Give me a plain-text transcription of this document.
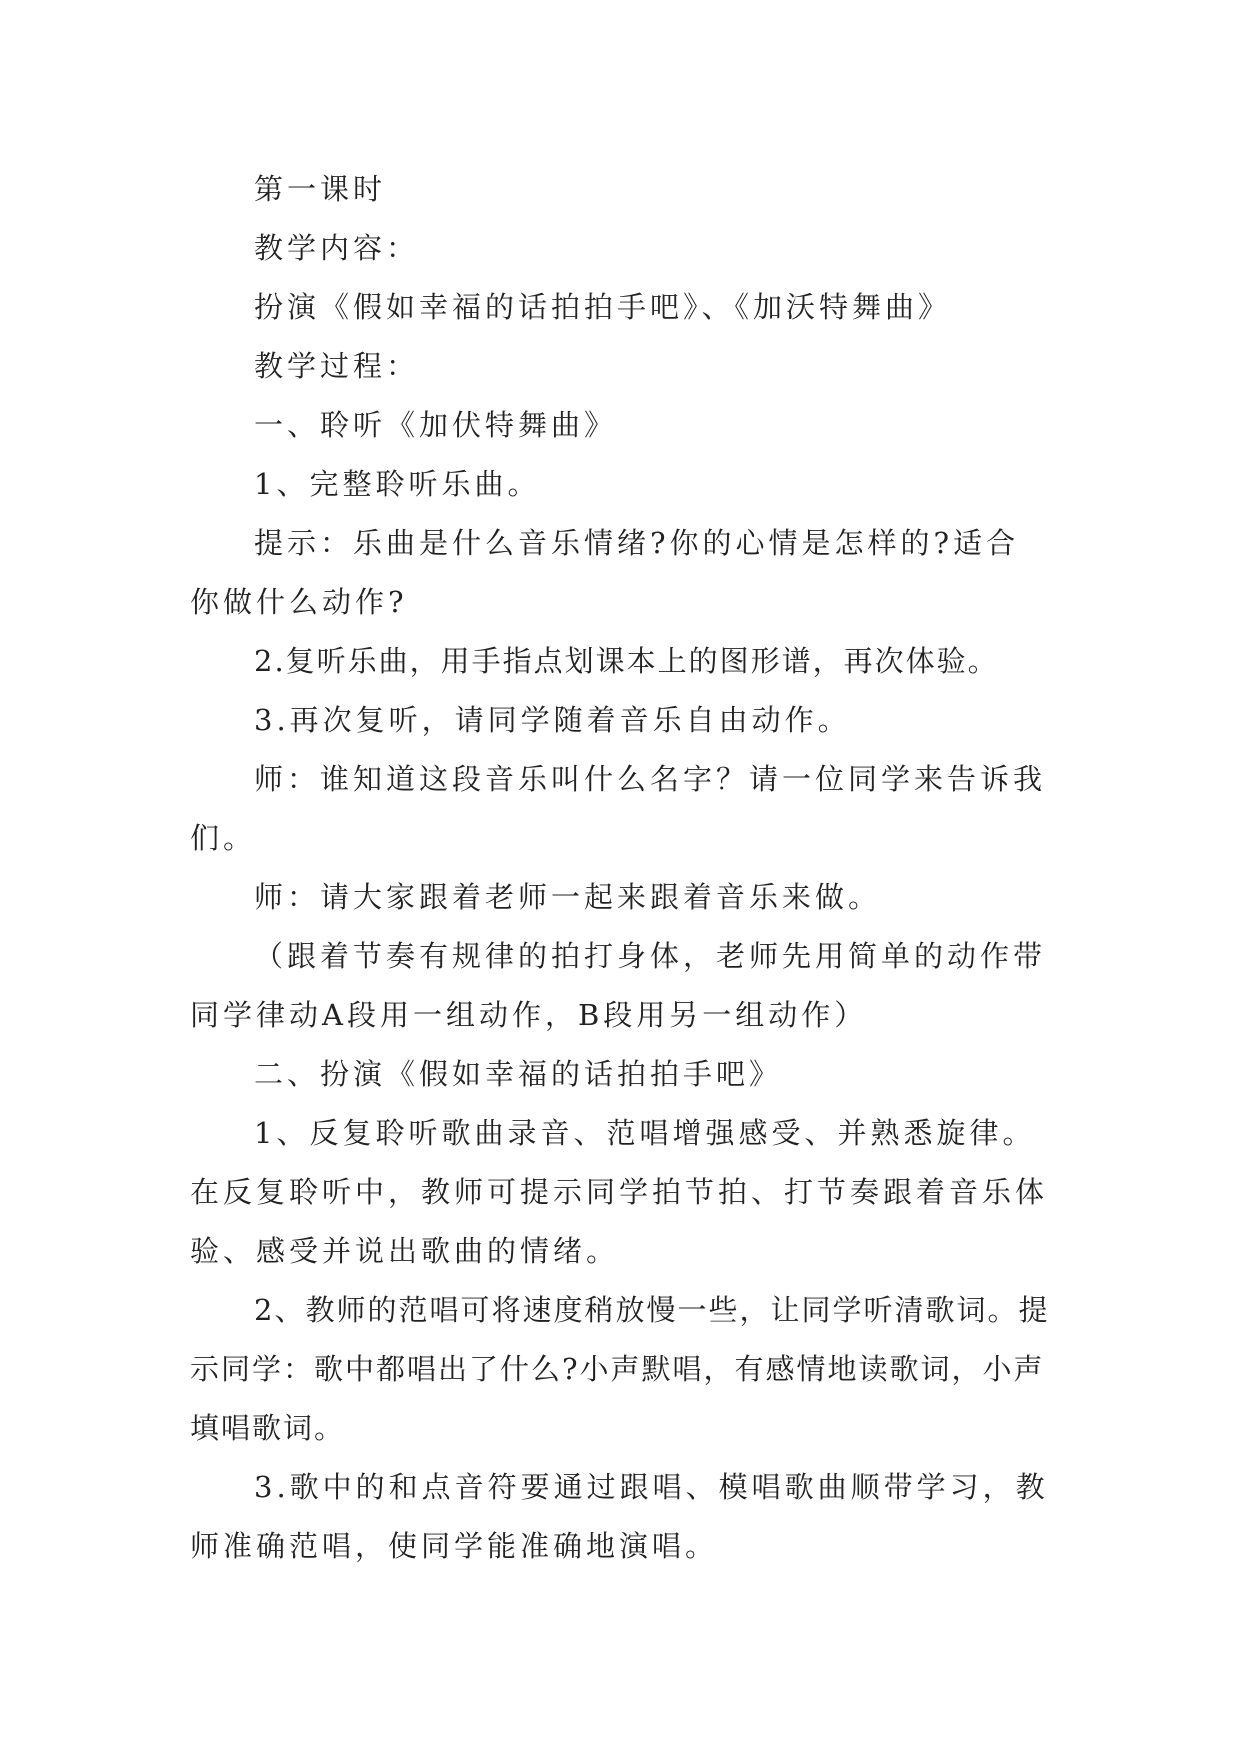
第一课时

教学内容：

扮演《假如幸福的话拍拍手吧》、《加沃特舞曲》

教学过程：

一、聆听《加伏特舞曲》

1、完整聆听乐曲。

提示：乐曲是什么音乐情绪?你的心情是怎样的?适合你做什么动作?

2.复听乐曲，用手指点划课本上的图形谱，再次体验。

3.再次复听，请同学随着音乐自由动作。

师：谁知道这段音乐叫什么名字？请一位同学来告诉我们。

师：请大家跟着老师一起来跟着音乐来做。

（跟着节奏有规律的拍打身体，老师先用简单的动作带同学律动A段用一组动作，B段用另一组动作）

二、扮演《假如幸福的话拍拍手吧》

1、反复聆听歌曲录音、范唱增强感受、并熟悉旋律。在反复聆听中，教师可提示同学拍节拍、打节奏跟着音乐体验、感受并说出歌曲的情绪。

2、教师的范唱可将速度稍放慢一些，让同学听清歌词。提示同学：歌中都唱出了什么?小声默唱，有感情地读歌词，小声填唱歌词。

3.歌中的和点音符要通过跟唱、模唱歌曲顺带学习，教师准确范唱，使同学能准确地演唱。
